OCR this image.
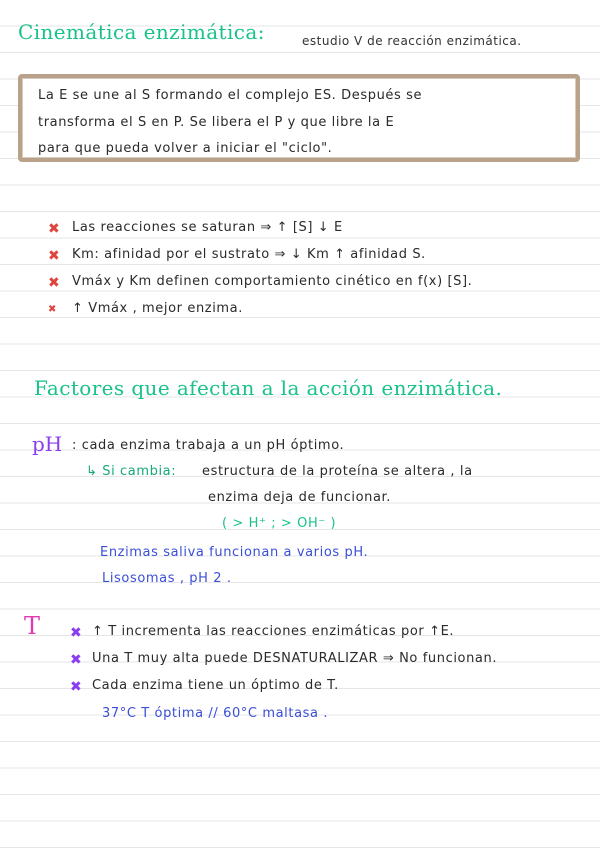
Cinemática enzimática:	estudio V de reacción enzimática.
La E se une al S formando el complejo ES. Después se
transforma el S en P. Se libera el P y que libre la E
para que pueda volver a iniciar el "ciclo".
✖ Las reacciones se saturan ⇒ ↑ [S] ↓ E
✖ Km: afinidad por el sustrato ⇒ ↓ Km ↑ afinidad S.
✖ Vmáx y Km definen comportamiento cinético en f(x) [S].
✖ ↑ Vmáx , mejor enzima.
Factores que afectan a la acción enzimática.
pH : cada enzima trabaja a un pH óptimo.
↳ Si cambia: estructura de la proteína se altera , la
enzima deja de funcionar.
( > H⁺ ; > OH⁻ )
Enzimas saliva funcionan a varios pH.
Lisosomas , pH 2 .
T ✖ ↑ T incrementa las reacciones enzimáticas por ↑E.
✖ Una T muy alta puede DESNATURALIZAR ⇒ No funcionan.
✖ Cada enzima tiene un óptimo de T.
37°C T óptima // 60°C maltasa .
